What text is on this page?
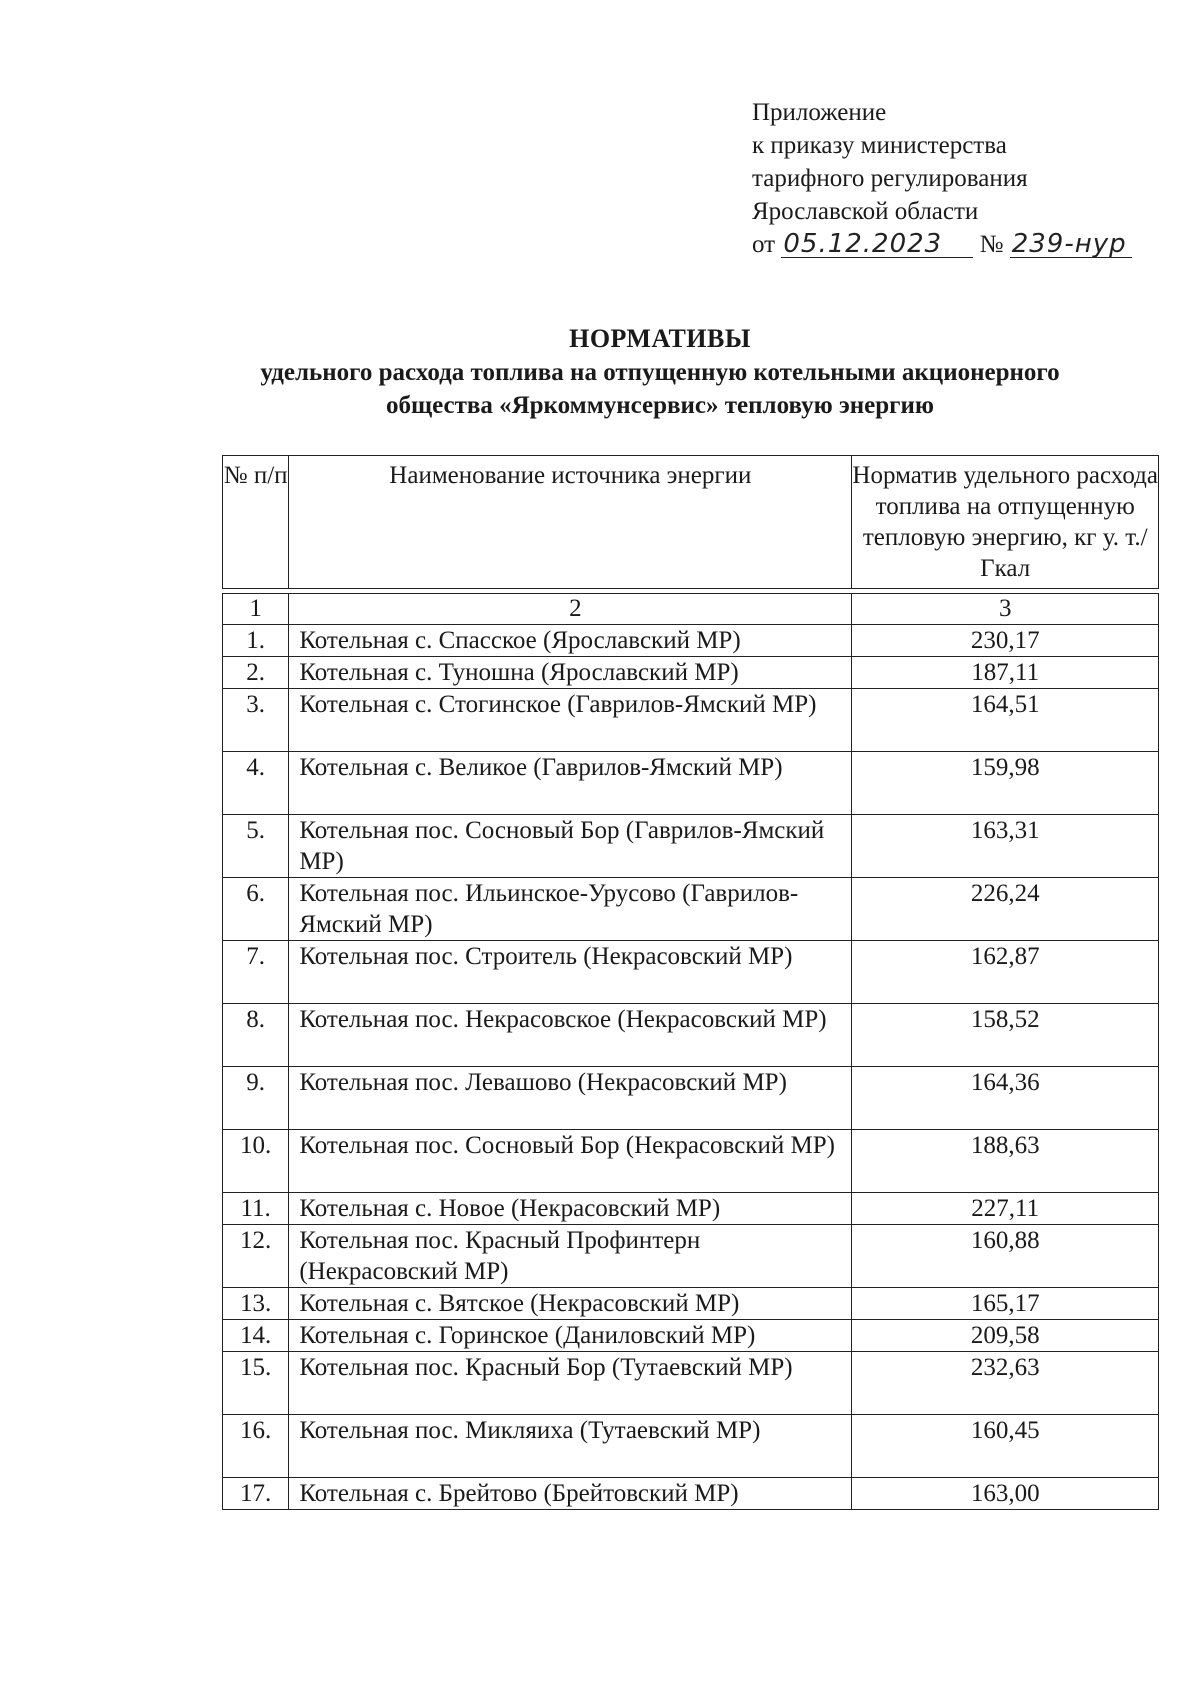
Приложение
к приказу министерства
тарифного регулирования
Ярославской области
от 05.12.2023 № 239-нур
НОРМАТИВЫ
удельного расхода топлива на отпущенную котельными акционерного
общества «Яркоммунсервис» тепловую энергию
№ п/п	Наименование источника энергии	Норматив удельного расхода топлива на отпущенную тепловую энергию, кг у. т./Гкал

1	2	3
1.	Котельная с. Спасское (Ярославский МР)	230,17
2.	Котельная с. Туношна (Ярославский МР)	187,11
3.	Котельная с. Стогинское (Гаврилов-Ямский МР)	164,51
4.	Котельная с. Великое (Гаврилов-Ямский МР)	159,98
5.	Котельная пос. Сосновый Бор (Гаврилов-Ямский МР)	163,31
6.	Котельная пос. Ильинское-Урусово (Гаврилов-Ямский МР)	226,24
7.	Котельная пос. Строитель (Некрасовский МР)	162,87
8.	Котельная пос. Некрасовское (Некрасовский МР)	158,52
9.	Котельная пос. Левашово (Некрасовский МР)	164,36
10.	Котельная пос. Сосновый Бор (Некрасовский МР)	188,63
11.	Котельная с. Новое (Некрасовский МР)	227,11
12.	Котельная пос. Красный Профинтерн (Некрасовский МР)	160,88
13.	Котельная с. Вятское (Некрасовский МР)	165,17
14.	Котельная с. Горинское (Даниловский МР)	209,58
15.	Котельная пос. Красный Бор (Тутаевский МР)	232,63
16.	Котельная пос. Микляиха (Тутаевский МР)	160,45
17.	Котельная с. Брейтово (Брейтовский МР)	163,00
